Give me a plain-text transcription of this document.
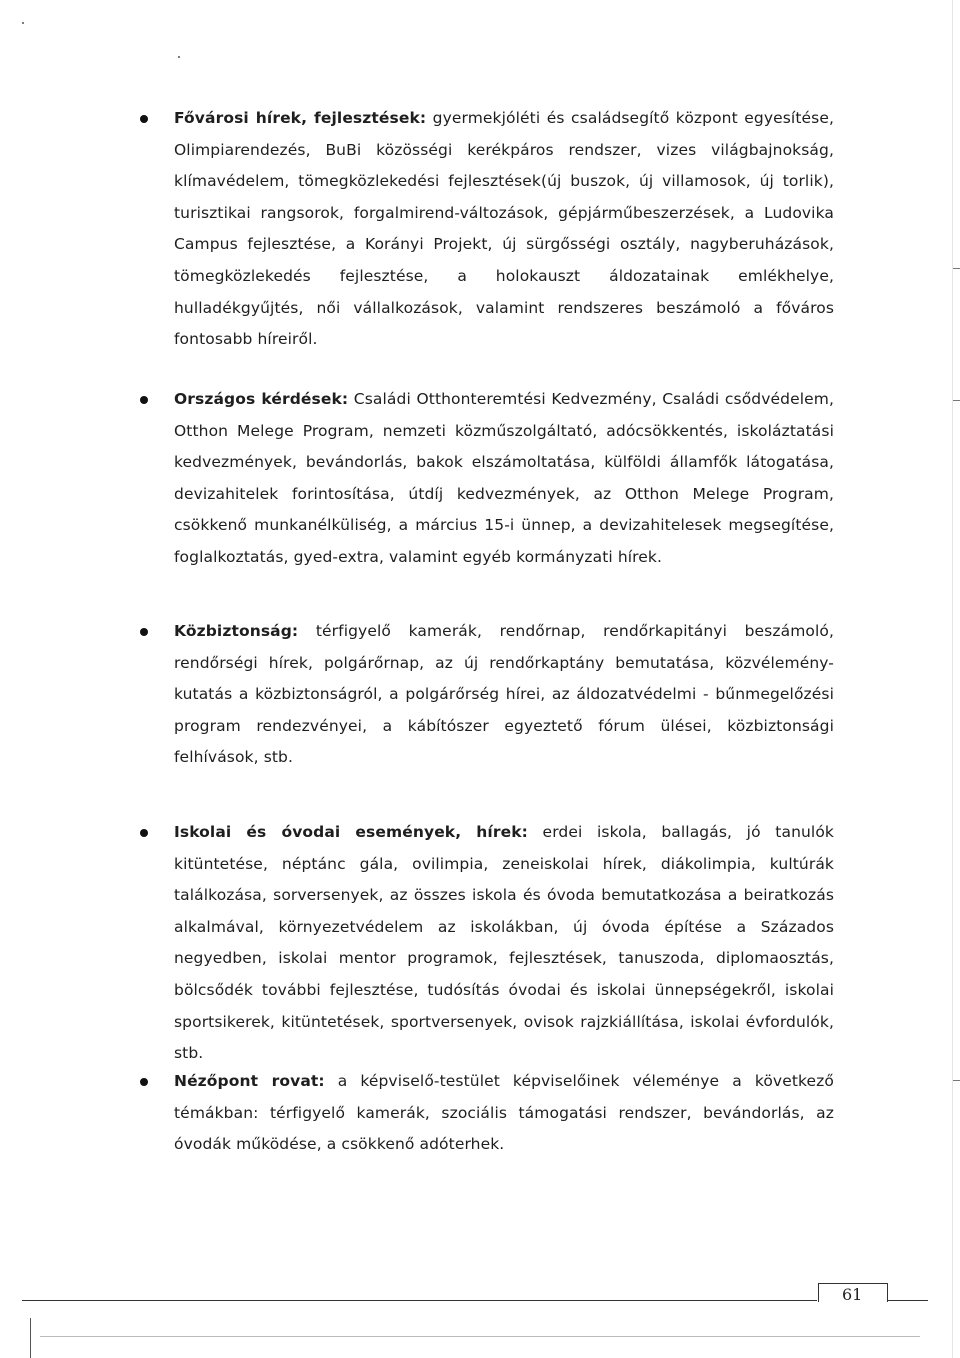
Fővárosi hírek, fejlesztések: gyermekjóléti és családsegítő központ egyesítése, Olimpiarendezés, BuBi közösségi kerékpáros rendszer, vizes világbajnokság, klímavédelem, tömegközlekedési fejlesztések(új buszok, új villamosok, új torlik), turisztikai rangsorok, forgalmirend-változások, gépjárműbeszerzések, a Ludovika Campus fejlesztése, a Korányi Projekt, új sürgősségi osztály, nagyberuházások, tömegközlekedés fejlesztése, a holokauszt áldozatainak emlékhelye, hulladékgyűjtés, női vállalkozások, valamint rendszeres beszámoló a főváros fontosabb híreiről.
Országos kérdések: Családi Otthonteremtési Kedvezmény, Családi csődvédelem, Otthon Melege Program, nemzeti közműszolgáltató, adócsökkentés, iskoláztatási kedvezmények, bevándorlás, bakok elszámoltatása, külföldi államfők látogatása, devizahitelek forintosítása, útdíj kedvezmények, az Otthon Melege Program, csökkenő munkanélküliség, a március 15-i ünnep, a devizahitelesek megsegítése, foglalkoztatás, gyed-extra, valamint egyéb kormányzati hírek.
Közbiztonság: térfigyelő kamerák, rendőrnap, rendőrkapitányi beszámoló, rendőrségi hírek, polgárőrnap, az új rendőrkaptány bemutatása, közvélemény-kutatás a közbiztonságról, a polgárőrség hírei, az áldozatvédelmi - bűnmegelőzési program rendezvényei, a kábítószer egyeztető fórum ülései, közbiztonsági felhívások, stb.
Iskolai és óvodai események, hírek: erdei iskola, ballagás, jó tanulók kitüntetése, néptánc gála, ovilimpia, zeneiskolai hírek, diákolimpia, kultúrák találkozása, sorversenyek, az összes iskola és óvoda bemutatkozása a beiratkozás alkalmával, környezetvédelem az iskolákban, új óvoda építése a Százados negyedben, iskolai mentor programok, fejlesztések, tanuszoda, diplomaosztás, bölcsődék további fejlesztése, tudósítás óvodai és iskolai ünnepségekről, iskolai sportsikerek, kitüntetések, sportversenyek, ovisok rajzkiállítása, iskolai évfordulók, stb.
Nézőpont rovat: a képviselő-testület képviselőinek véleménye a következő témákban: térfigyelő kamerák, szociális támogatási rendszer, bevándorlás, az óvodák működése, a csökkenő adóterhek.
61
